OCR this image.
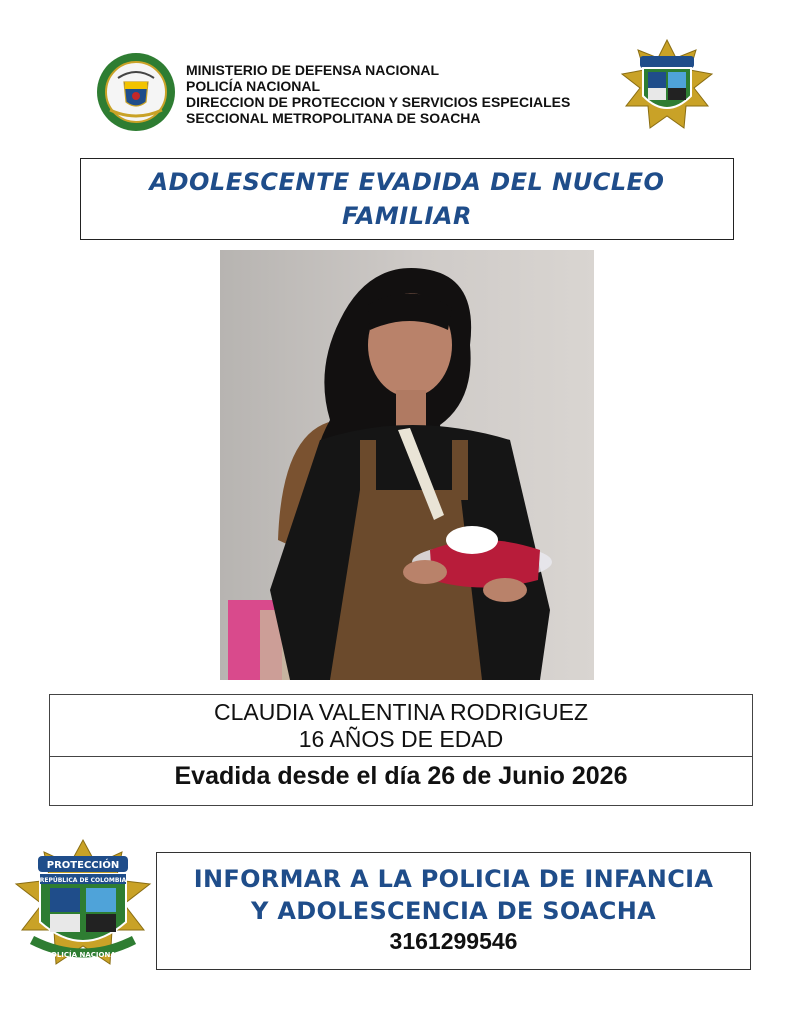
MINISTERIO DE DEFENSA NACIONAL
POLICÍA NACIONAL
DIRECCION DE PROTECCION Y SERVICIOS ESPECIALES
SECCIONAL METROPOLITANA DE SOACHA
ADOLESCENTE EVADIDA DEL NUCLEO
FAMILIAR
CLAUDIA VALENTINA RODRIGUEZ
16 AÑOS DE EDAD
Evadida desde el día 26 de Junio 2026
PROTECCIÓN
REPÚBLICA DE COLOMBIA
POLICÍA NACIONAL
INFORMAR A LA POLICIA DE INFANCIA
Y ADOLESCENCIA DE SOACHA
3161299546
